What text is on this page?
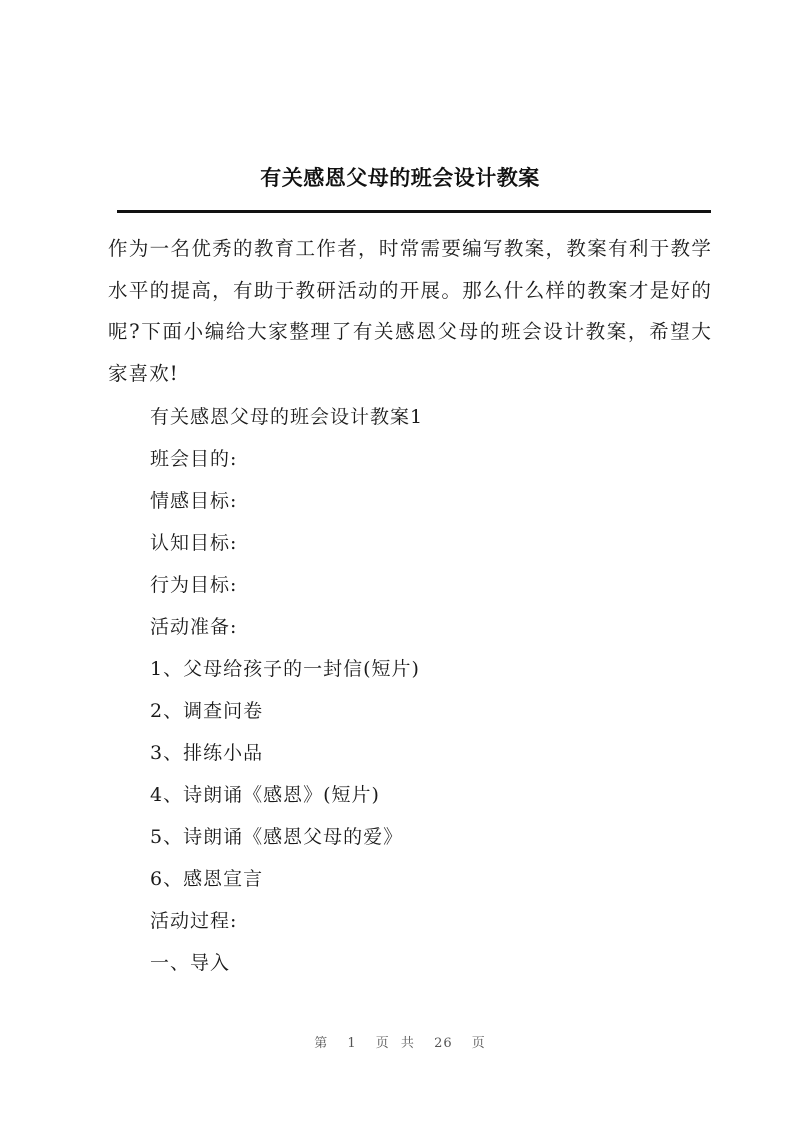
有关感恩父母的班会设计教案

作为一名优秀的教育工作者，时常需要编写教案，教案有利于教学水平的提高，有助于教研活动的开展。那么什么样的教案才是好的呢?下面小编给大家整理了有关感恩父母的班会设计教案，希望大家喜欢!

有关感恩父母的班会设计教案1
班会目的:
情感目标:
认知目标:
行为目标:
活动准备:
1、父母给孩子的一封信(短片)
2、调查问卷
3、排练小品
4、诗朗诵《感恩》(短片)
5、诗朗诵《感恩父母的爱》
6、感恩宣言
活动过程:
一、导入
第 1 页 共 26 页
